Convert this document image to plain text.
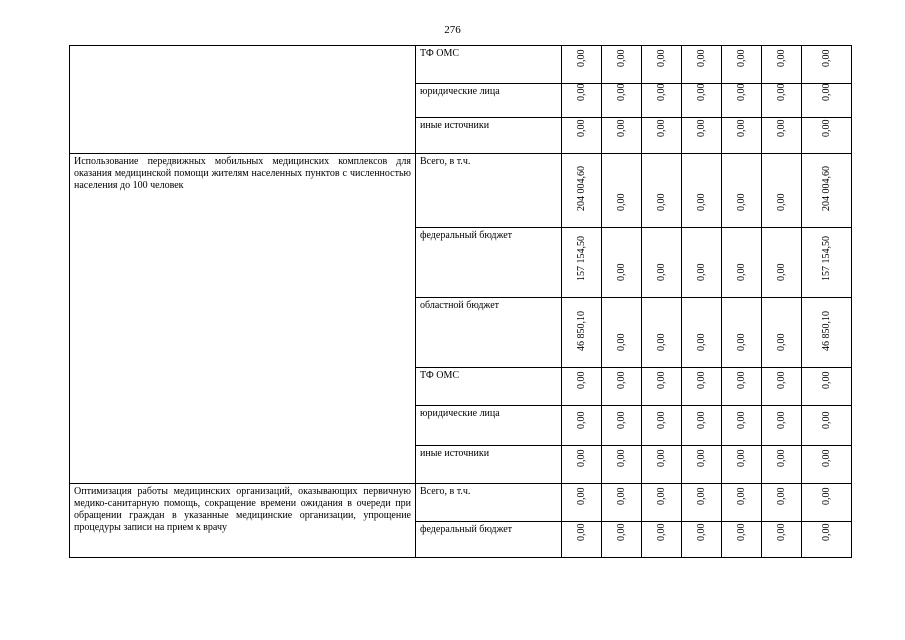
276
	ТФ ОМС	0,00	0,00	0,00	0,00	0,00	0,00	0,00

	юридические лица	0,00	0,00	0,00	0,00	0,00	0,00	0,00

	иные источники	0,00	0,00	0,00	0,00	0,00	0,00	0,00

Использование передвижных мобильных медицинских комплексов для оказания медицинской помощи жителям населенных пунктов с численностью населения до 100 человек	Всего, в т.ч.	204 004,60	0,00	0,00	0,00	0,00	0,00	204 004,60

	федеральный бюджет	157 154,50	0,00	0,00	0,00	0,00	0,00	157 154,50

	областной бюджет	46 850,10	0,00	0,00	0,00	0,00	0,00	46 850,10

	ТФ ОМС	0,00	0,00	0,00	0,00	0,00	0,00	0,00

	юридические лица	0,00	0,00	0,00	0,00	0,00	0,00	0,00

	иные источники	0,00	0,00	0,00	0,00	0,00	0,00	0,00

Оптимизация работы медицинских организаций, оказывающих первичную медико-санитарную помощь, сокращение времени ожидания в очереди при обращении граждан в указанные медицинские организации, упрощение процедуры записи на прием к врачу	Всего, в т.ч.	0,00	0,00	0,00	0,00	0,00	0,00	0,00

	федеральный бюджет	0,00	0,00	0,00	0,00	0,00	0,00	0,00
